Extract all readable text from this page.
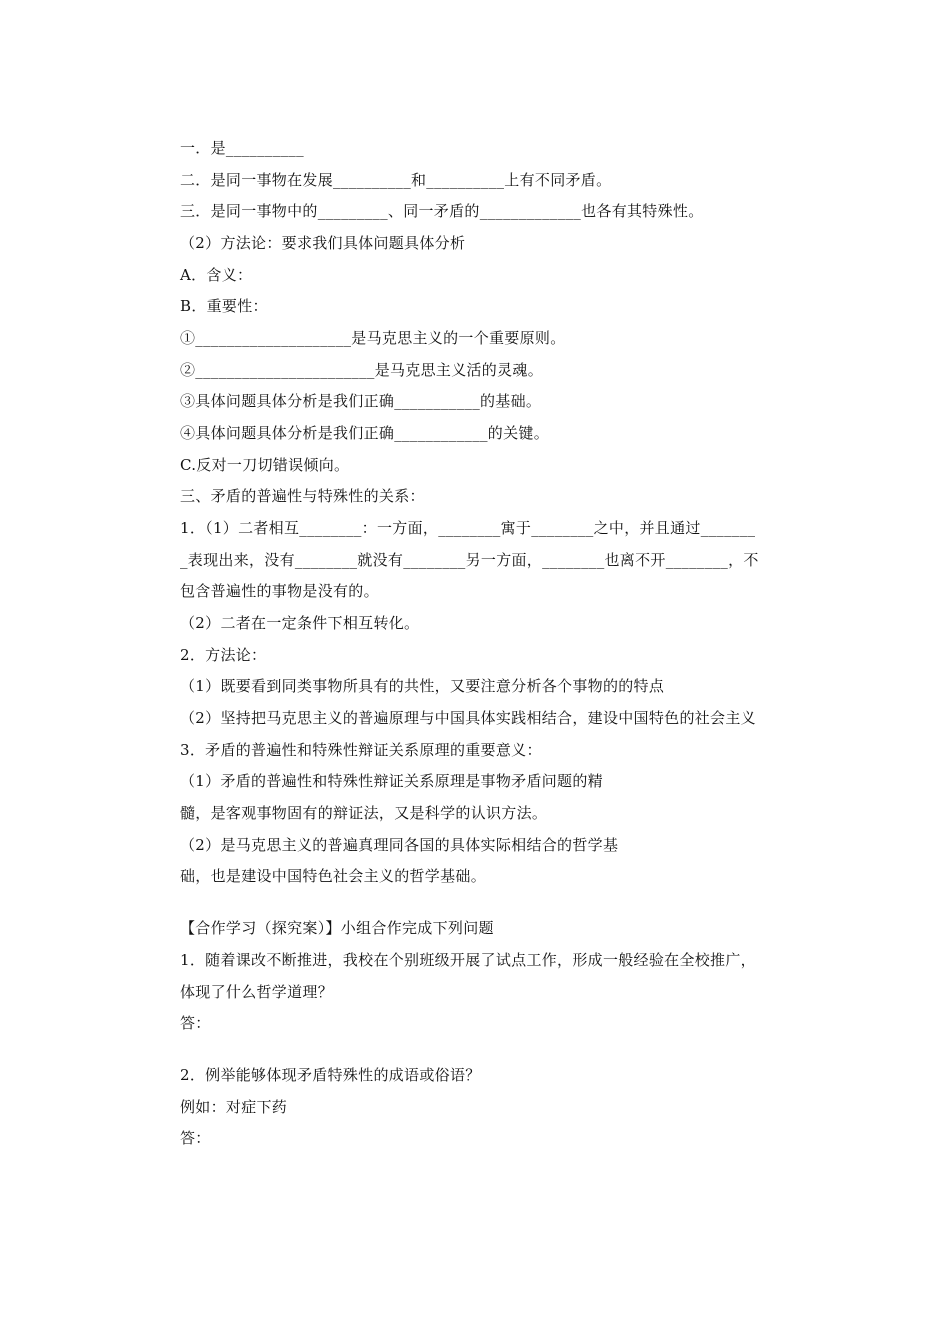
一．是__________
二．是同一事物在发展__________和__________上有不同矛盾。
三．是同一事物中的_________、同一矛盾的_____________也各有其特殊性。
（2）方法论：要求我们具体问题具体分析
A．含义：
B．重要性：
①____________________是马克思主义的一个重要原则。
②_______________________是马克思主义活的灵魂。
③具体问题具体分析是我们正确___________的基础。
④具体问题具体分析是我们正确____________的关键。
C.反对一刀切错误倾向。
三、矛盾的普遍性与特殊性的关系：
1．（1）二者相互________：一方面，________寓于________之中，并且通过_______
_表现出来，没有________就没有________另一方面，________也离不开________，不
包含普遍性的事物是没有的。
（2）二者在一定条件下相互转化。
2．方法论：
（1）既要看到同类事物所具有的共性，又要注意分析各个事物的的特点
（2）坚持把马克思主义的普遍原理与中国具体实践相结合，建设中国特色的社会主义
3．矛盾的普遍性和特殊性辩证关系原理的重要意义：
（1）矛盾的普遍性和特殊性辩证关系原理是事物矛盾问题的精
髓，是客观事物固有的辩证法，又是科学的认识方法。
（2）是马克思主义的普遍真理同各国的具体实际相结合的哲学基
础，也是建设中国特色社会主义的哲学基础。
【合作学习（探究案）】小组合作完成下列问题
1．随着课改不断推进，我校在个别班级开展了试点工作，形成一般经验在全校推广，
体现了什么哲学道理？
答：
2．例举能够体现矛盾特殊性的成语或俗语？
例如：对症下药
答：
